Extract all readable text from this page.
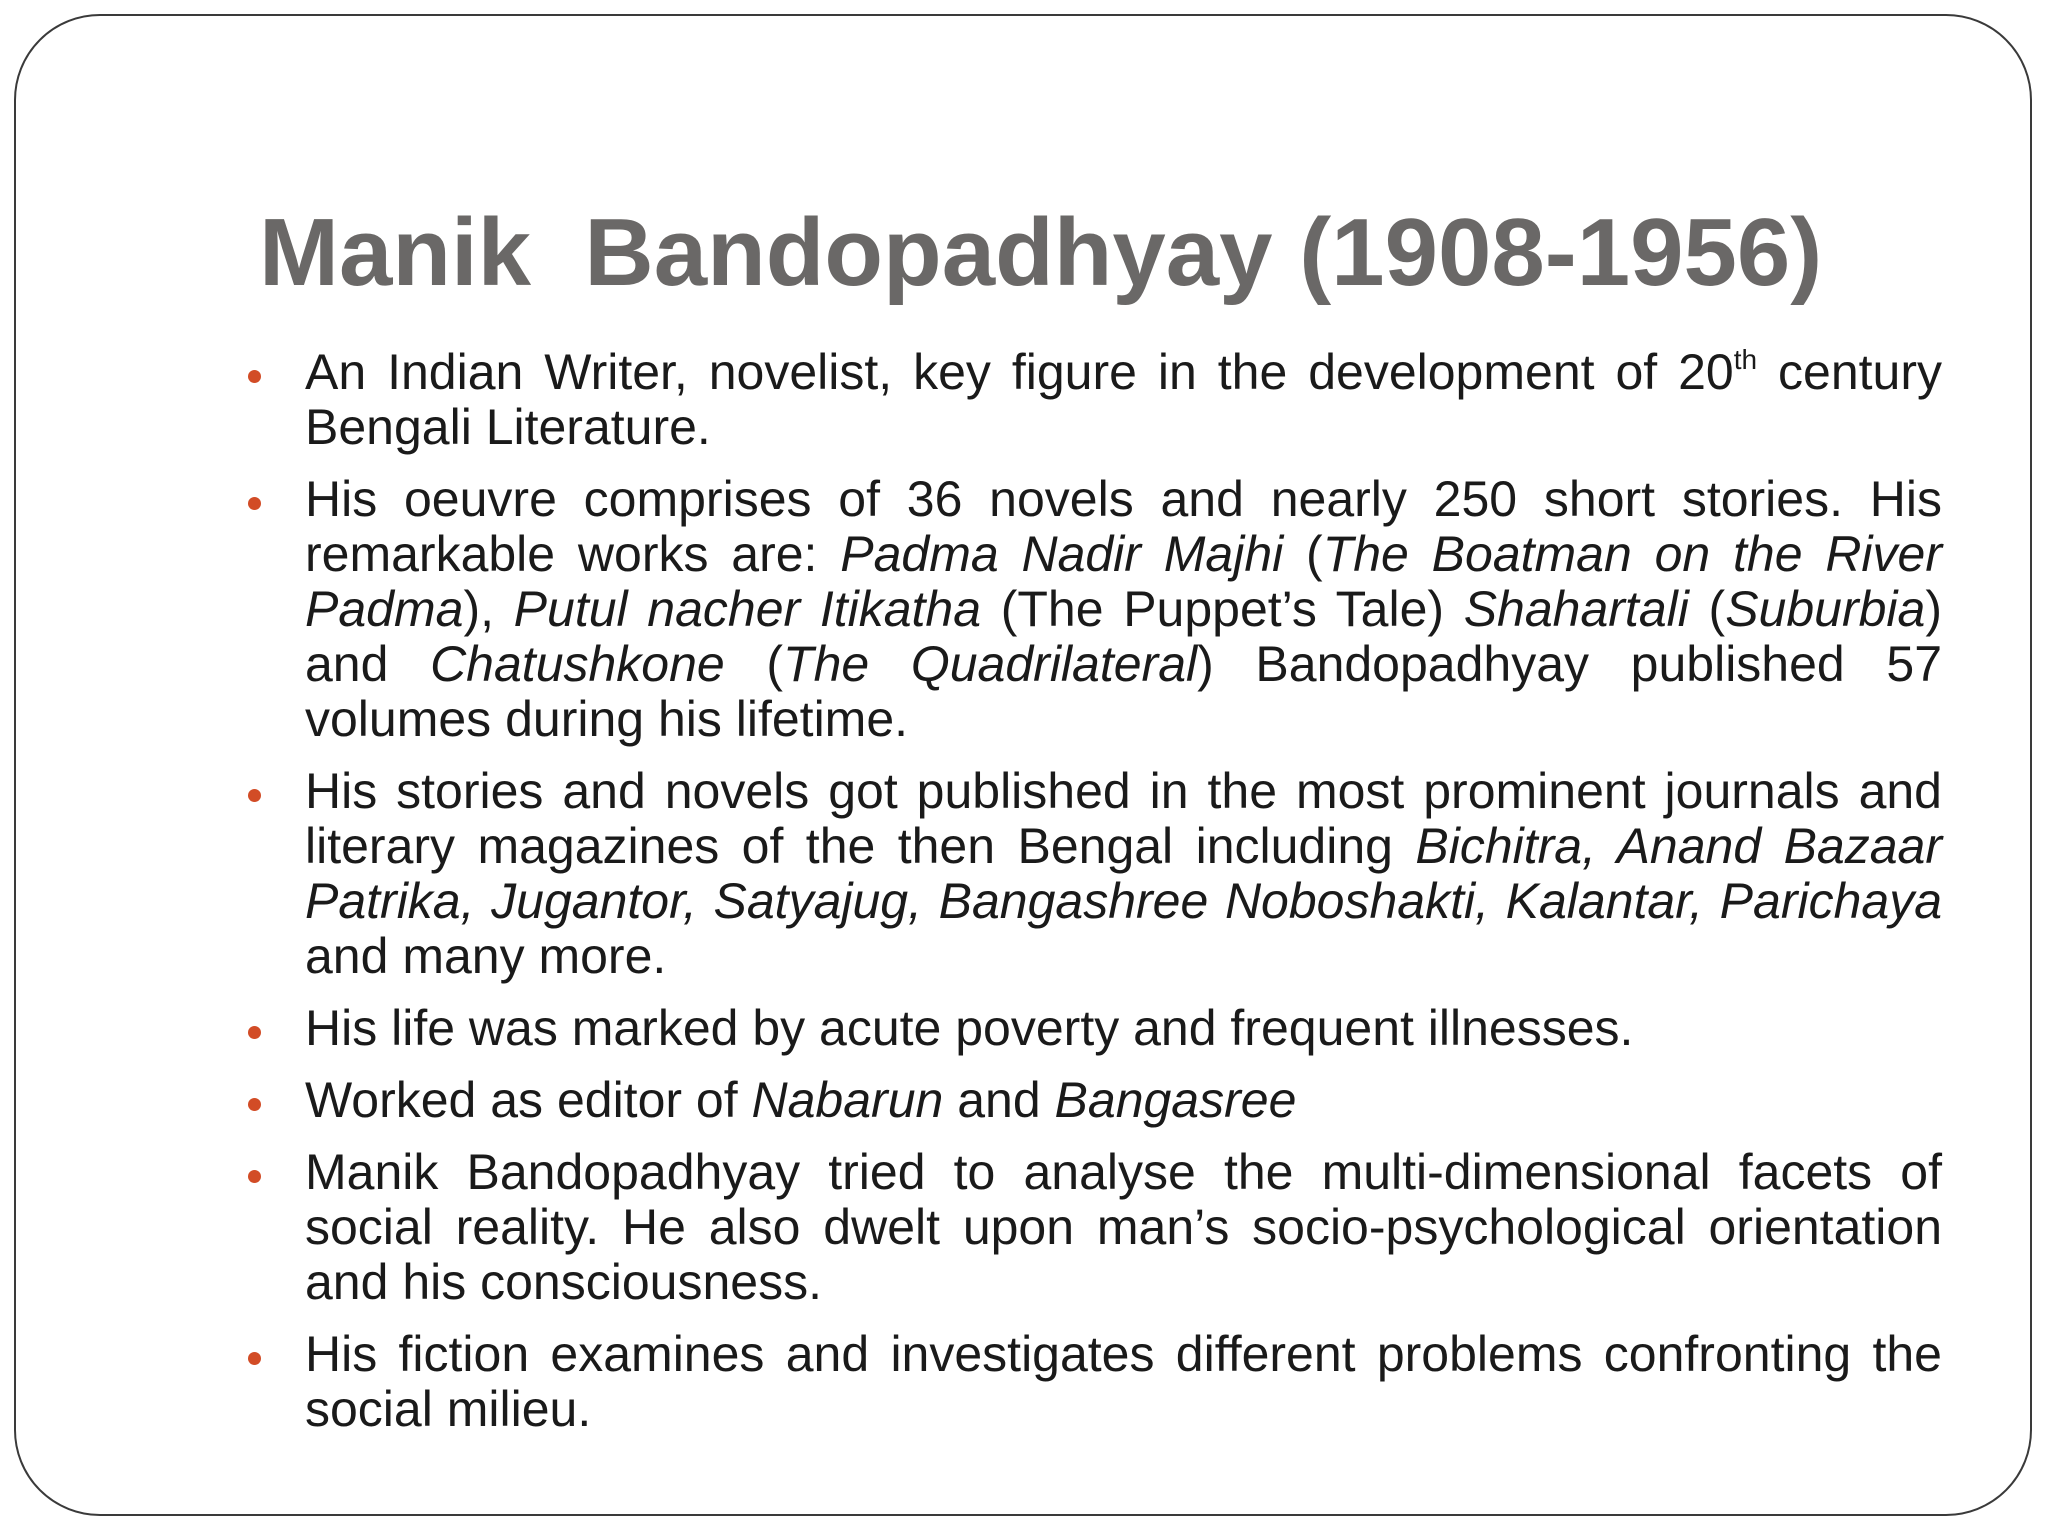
Manik  Bandopadhyay (1908-1956)
An Indian Writer, novelist, key figure in the development of 20th century Bengali Literature.
His oeuvre comprises of 36 novels and nearly 250 short stories. His remarkable works are: Padma Nadir Majhi (The Boatman on the River Padma), Putul nacher Itikatha (The Puppet’s Tale) Shahartali (Suburbia) and Chatushkone (The Quadrilateral) Bandopadhyay published 57 volumes during his lifetime.
His stories and novels got published in the most prominent journals and literary magazines of the then Bengal including Bichitra, Anand Bazaar Patrika, Jugantor, Satyajug, Bangashree Noboshakti, Kalantar, Parichaya and many more.
His life was marked by acute poverty and frequent illnesses.
Worked as editor of Nabarun and Bangasree
Manik Bandopadhyay tried to analyse the multi-dimensional facets of social reality. He also dwelt upon man’s socio-psychological orientation and his consciousness.
His fiction examines and investigates different problems confronting the social milieu.
